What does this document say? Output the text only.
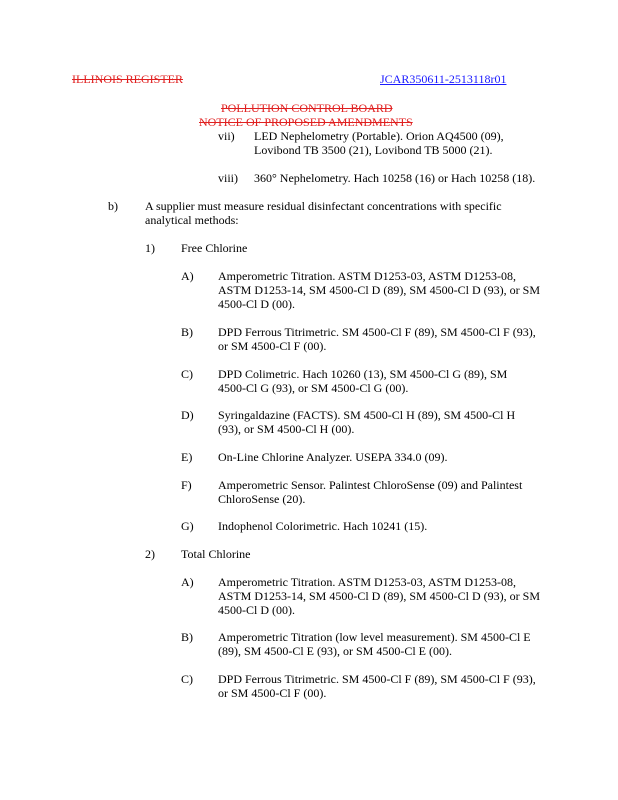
ILLINOIS REGISTER	JCAR350611-2513118r01
POLLUTION CONTROL BOARD
NOTICE OF PROPOSED AMENDMENTS
vii) LED Nephelometry (Portable). Orion AQ4500 (09),
Lovibond TB 3500 (21), Lovibond TB 5000 (21).
viii) 360° Nephelometry. Hach 10258 (16) or Hach 10258 (18).
b) A supplier must measure residual disinfectant concentrations with specific
analytical methods:
1) Free Chlorine
A) Amperometric Titration. ASTM D1253-03, ASTM D1253-08,
ASTM D1253-14, SM 4500-Cl D (89), SM 4500-Cl D (93), or SM
4500-Cl D (00).
B) DPD Ferrous Titrimetric. SM 4500-Cl F (89), SM 4500-Cl F (93),
or SM 4500-Cl F (00).
C) DPD Colimetric. Hach 10260 (13), SM 4500-Cl G (89), SM
4500-Cl G (93), or SM 4500-Cl G (00).
D) Syringaldazine (FACTS). SM 4500-Cl H (89), SM 4500-Cl H
(93), or SM 4500-Cl H (00).
E) On-Line Chlorine Analyzer. USEPA 334.0 (09).
F) Amperometric Sensor. Palintest ChloroSense (09) and Palintest
ChloroSense (20).
G) Indophenol Colorimetric. Hach 10241 (15).
2) Total Chlorine
A) Amperometric Titration. ASTM D1253-03, ASTM D1253-08,
ASTM D1253-14, SM 4500-Cl D (89), SM 4500-Cl D (93), or SM
4500-Cl D (00).
B) Amperometric Titration (low level measurement). SM 4500-Cl E
(89), SM 4500-Cl E (93), or SM 4500-Cl E (00).
C) DPD Ferrous Titrimetric. SM 4500-Cl F (89), SM 4500-Cl F (93),
or SM 4500-Cl F (00).
